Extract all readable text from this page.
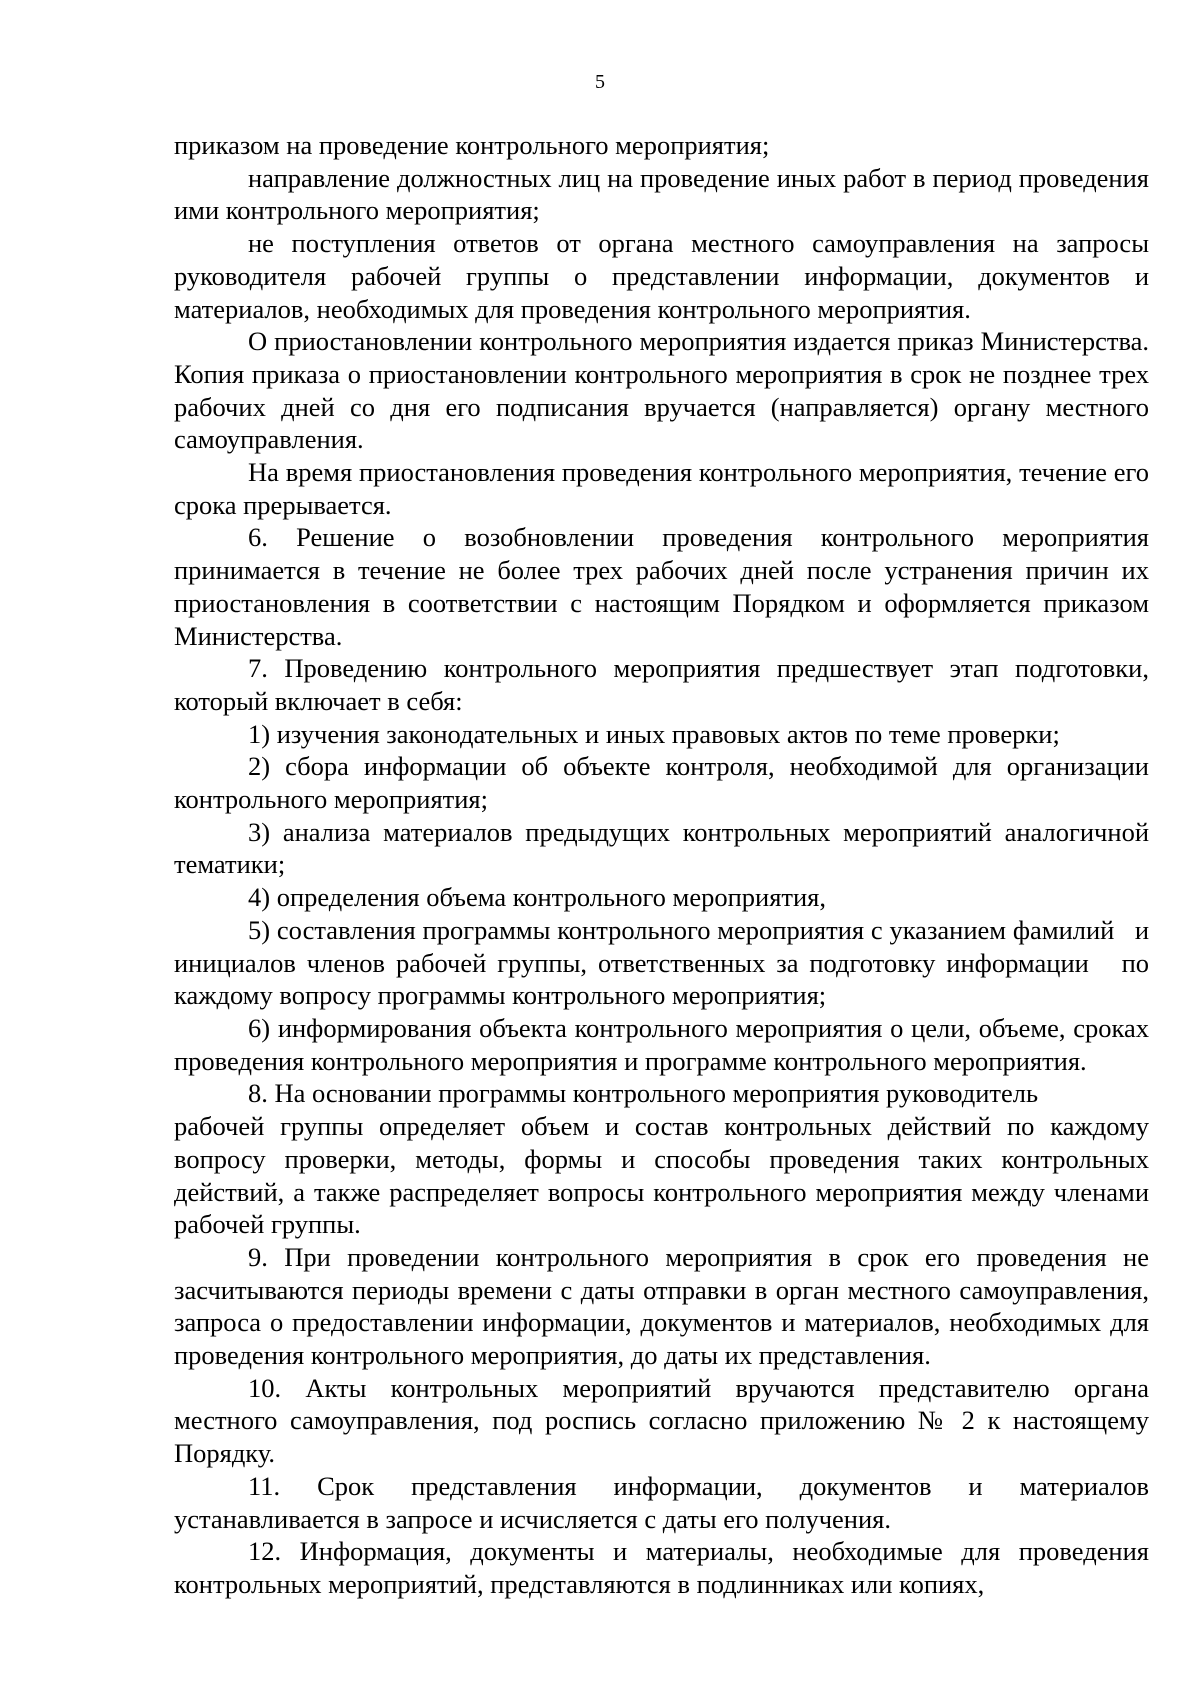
5

приказом на проведение контрольного мероприятия;

направление должностных лиц на проведение иных работ в период проведения ими контрольного мероприятия;

не поступления ответов от органа местного самоуправления на запросы руководителя рабочей группы о представлении информации, документов и материалов, необходимых для проведения контрольного мероприятия.

О приостановлении контрольного мероприятия издается приказ Министерства. Копия приказа о приостановлении контрольного мероприятия в срок не позднее трех рабочих дней со дня его подписания вручается (направляется) органу местного самоуправления.

На время приостановления проведения контрольного мероприятия, течение его срока прерывается.

6. Решение о возобновлении проведения контрольного мероприятия принимается в течение не более трех рабочих дней после устранения причин их приостановления в соответствии с настоящим Порядком и оформляется приказом Министерства.

7. Проведению контрольного мероприятия предшествует этап подготовки, который включает в себя:

1) изучения законодательных и иных правовых актов по теме проверки;

2) сбора информации об объекте контроля, необходимой для организации контрольного мероприятия;

3) анализа материалов предыдущих контрольных мероприятий аналогичной тематики;

4) определения объема контрольного мероприятия,

5) составления программы контрольного мероприятия с указанием фамилий   и инициалов членов рабочей группы, ответственных за подготовку информации   по каждому вопросу программы контрольного мероприятия;

6) информирования объекта контрольного мероприятия о цели, объеме, сроках проведения контрольного мероприятия и программе контрольного мероприятия.

8. На основании программы контрольного мероприятия руководитель

рабочей группы определяет объем и состав контрольных действий по каждому вопросу проверки, методы, формы и способы проведения таких контрольных действий, а также распределяет вопросы контрольного мероприятия между членами рабочей группы.

9. При проведении контрольного мероприятия в срок его проведения не засчитываются периоды времени с даты отправки в орган местного самоуправления, запроса о предоставлении информации, документов и материалов, необходимых для проведения контрольного мероприятия, до даты их представления.

10. Акты контрольных мероприятий вручаются представителю органа местного самоуправления, под роспись согласно приложению № 2 к настоящему Порядку.

11. Срок представления информации, документов и материалов устанавливается в запросе и исчисляется с даты его получения.

12. Информация, документы и материалы, необходимые для проведения контрольных мероприятий, представляются в подлинниках или копиях,
